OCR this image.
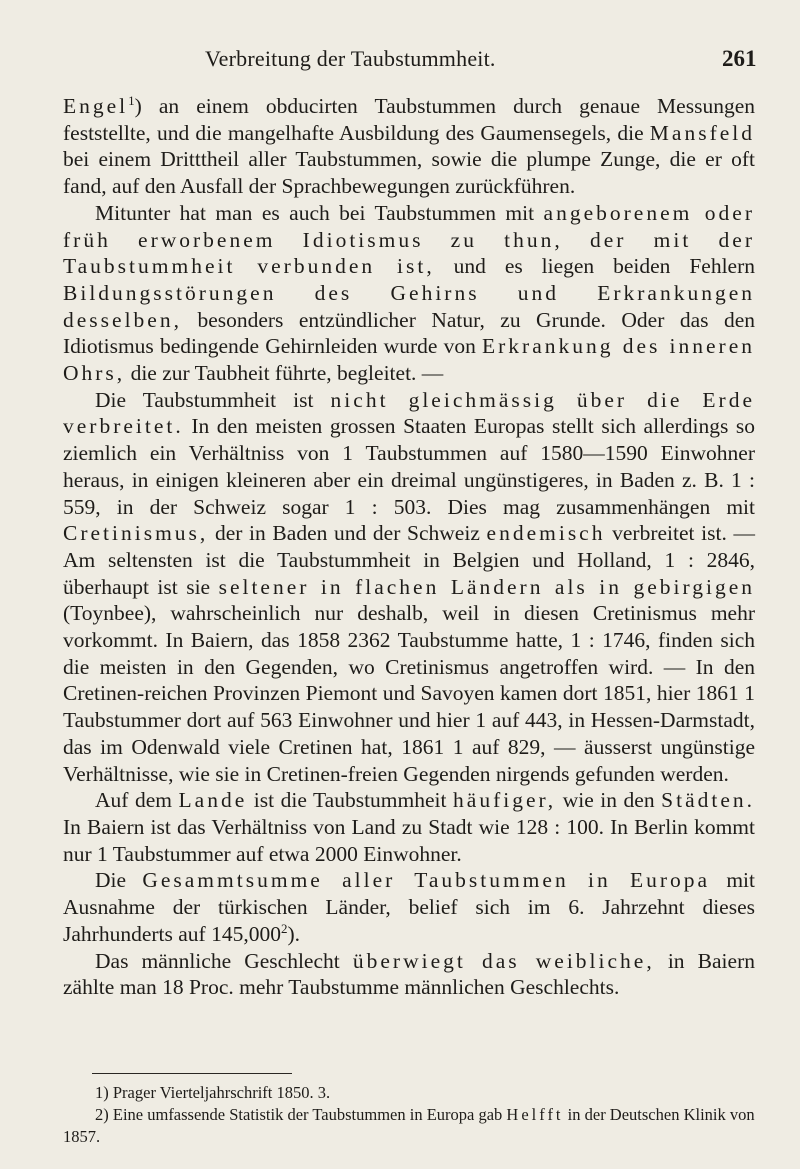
Verbreitung der Taubstummheit.	261

Engel$^1$) an einem obducirten Taubstummen durch genaue Messungen feststellte, und die mangelhafte Ausbildung des Gaumensegels, die Mansfeld bei einem Dritttheil aller Taubstummen, sowie die plumpe Zunge, die er oft fand, auf den Ausfall der Sprachbewegungen zurückführen.

Mitunter hat man es auch bei Taubstummen mit angeborenem oder früh erworbenem Idiotismus zu thun, der mit der Taubstummheit verbunden ist, und es liegen beiden Fehlern Bildungsstörungen des Gehirns und Erkrankungen desselben, besonders entzündlicher Natur, zu Grunde. Oder das den Idiotismus bedingende Gehirnleiden wurde von Erkrankung des inneren Ohrs, die zur Taubheit führte, begleitet. —

Die Taubstummheit ist nicht gleichmässig über die Erde verbreitet. In den meisten grossen Staaten Europas stellt sich allerdings so ziemlich ein Verhältniss von 1 Taubstummen auf 1580—1590 Einwohner heraus, in einigen kleineren aber ein dreimal ungünstigeres, in Baden z. B. 1 : 559, in der Schweiz sogar 1 : 503. Dies mag zusammenhängen mit Cretinismus, der in Baden und der Schweiz endemisch verbreitet ist. — Am seltensten ist die Taubstummheit in Belgien und Holland, 1 : 2846, überhaupt ist sie seltener in flachen Ländern als in gebirgigen (Toynbee), wahrscheinlich nur deshalb, weil in diesen Cretinismus mehr vorkommt. In Baiern, das 1858 2362 Taubstumme hatte, 1 : 1746, finden sich die meisten in den Gegenden, wo Cretinismus angetroffen wird. — In den Cretinen-reichen Provinzen Piemont und Savoyen kamen dort 1851, hier 1861 1 Taubstummer dort auf 563 Einwohner und hier 1 auf 443, in Hessen-Darmstadt, das im Odenwald viele Cretinen hat, 1861 1 auf 829, — äusserst ungünstige Verhältnisse, wie sie in Cretinen-freien Gegenden nirgends gefunden werden.

Auf dem Lande ist die Taubstummheit häufiger, wie in den Städten. In Baiern ist das Verhältniss von Land zu Stadt wie 128 : 100. In Berlin kommt nur 1 Taubstummer auf etwa 2000 Einwohner.

Die Gesammtsumme aller Taubstummen in Europa mit Ausnahme der türkischen Länder, belief sich im 6. Jahrzehnt dieses Jahrhunderts auf 145,000$^2$).

Das männliche Geschlecht überwiegt das weibliche, in Baiern zählte man 18 Proc. mehr Taubstumme männlichen Geschlechts.

1) Prager Vierteljahrschrift 1850. 3.

2) Eine umfassende Statistik der Taubstummen in Europa gab Helfft in der Deutschen Klinik von 1857.
